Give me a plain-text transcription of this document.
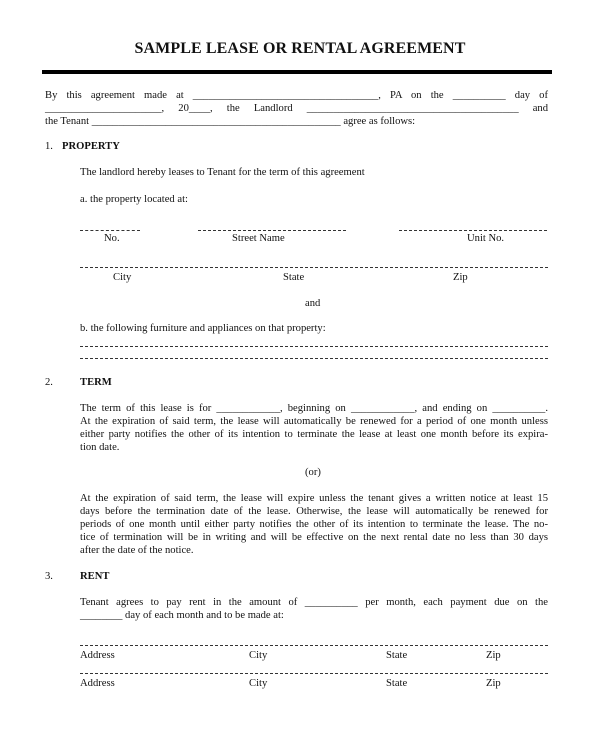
SAMPLE LEASE OR RENTAL AGREEMENT
By this agreement made at ___________________________________, PA on the __________ day of
______________________, 20____, the Landlord ________________________________________ and
the Tenant _______________________________________________ agree as follows:
1. PROPERTY
The landlord hereby leases to Tenant for the term of this agreement
a. the property located at:
No.	Street Name	Unit No.
City	State	Zip
and
b. the following furniture and appliances on that property:
2.	TERM
The term of this lease is for ____________, beginning on ____________, and ending on __________.
At the expiration of said term, the lease will automatically be renewed for a period of one month unless
either party notifies the other of its intention to terminate the lease at least one month before its expira-
tion date.
(or)
At the expiration of said term, the lease will expire unless the tenant gives a written notice at least 15
days before the termination date of the lease. Otherwise, the lease will automatically be renewed for
periods of one month until either party notifies the other of its intention to terminate the lease. The no-
tice of termination will be in writing and will be effective on the next rental date no less than 30 days
after the date of the notice.
3.	RENT
Tenant agrees to pay rent in the amount of __________ per month, each payment due on the
________ day of each month and to be made at:
Address	City	State	Zip
Address	City	State	Zip
